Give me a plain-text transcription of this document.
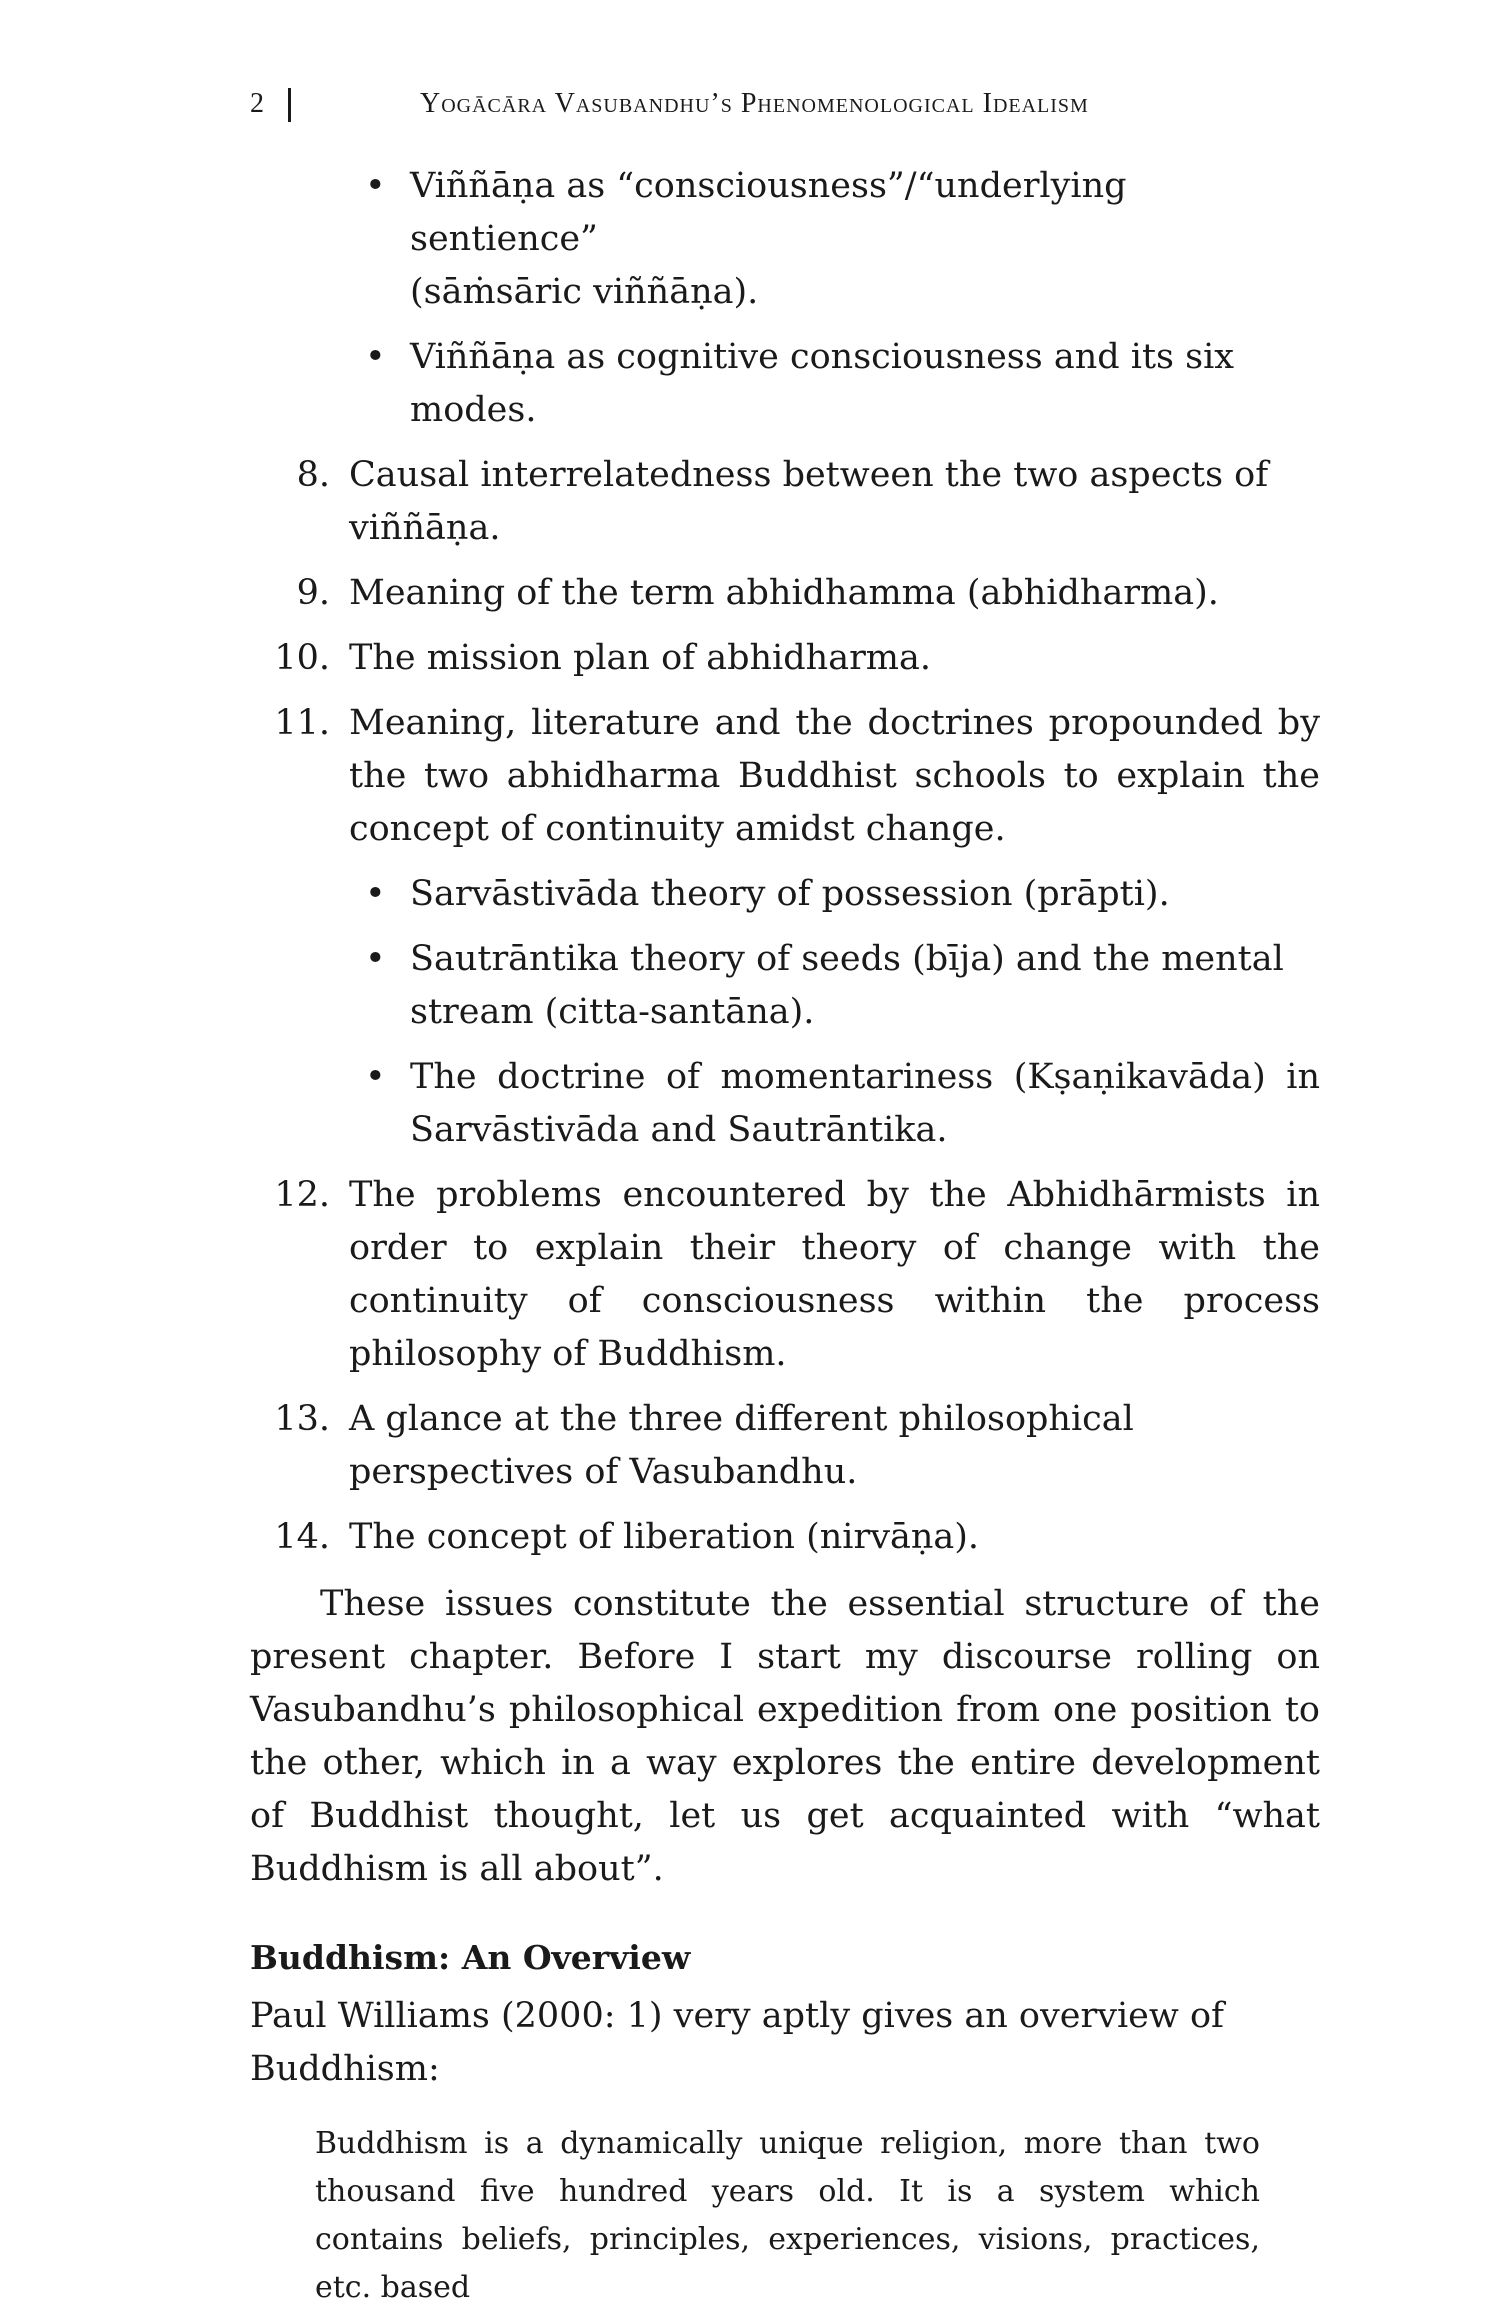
2	Yogācāra Vasubandhu’s Phenomenological Idealism
• Viññāṇa as “consciousness”/“underlying sentience”
(sāṁsāric viññāṇa).
• Viññāṇa as cognitive consciousness and its six modes.
8. Causal interrelatedness between the two aspects of viññāṇa.
9. Meaning of the term abhidhamma (abhidharma).
10. The mission plan of abhidharma.
11. Meaning, literature and the doctrines propounded by the two abhidharma Buddhist schools to explain the concept of continuity amidst change.
• Sarvāstivāda theory of possession (prāpti).
• Sautrāntika theory of seeds (bīja) and the mental stream (citta-santāna).
• The doctrine of momentariness (Kṣaṇikavāda) in Sarvāstivāda and Sautrāntika.
12. The problems encountered by the Abhidhārmists in order to explain their theory of change with the continuity of consciousness within the process philosophy of Buddhism.
13. A glance at the three different philosophical perspectives of Vasubandhu.
14. The concept of liberation (nirvāṇa).

These issues constitute the essential structure of the present chapter. Before I start my discourse rolling on Vasubandhu’s philosophical expedition from one position to the other, which in a way explores the entire development of Buddhist thought, let us get acquainted with “what Buddhism is all about”.

Buddhism: An Overview
Paul Williams (2000: 1) very aptly gives an overview of Buddhism:
Buddhism is a dynamically unique religion, more than two thousand five hundred years old. It is a system which contains beliefs, principles, experiences, visions, practices, etc. based
